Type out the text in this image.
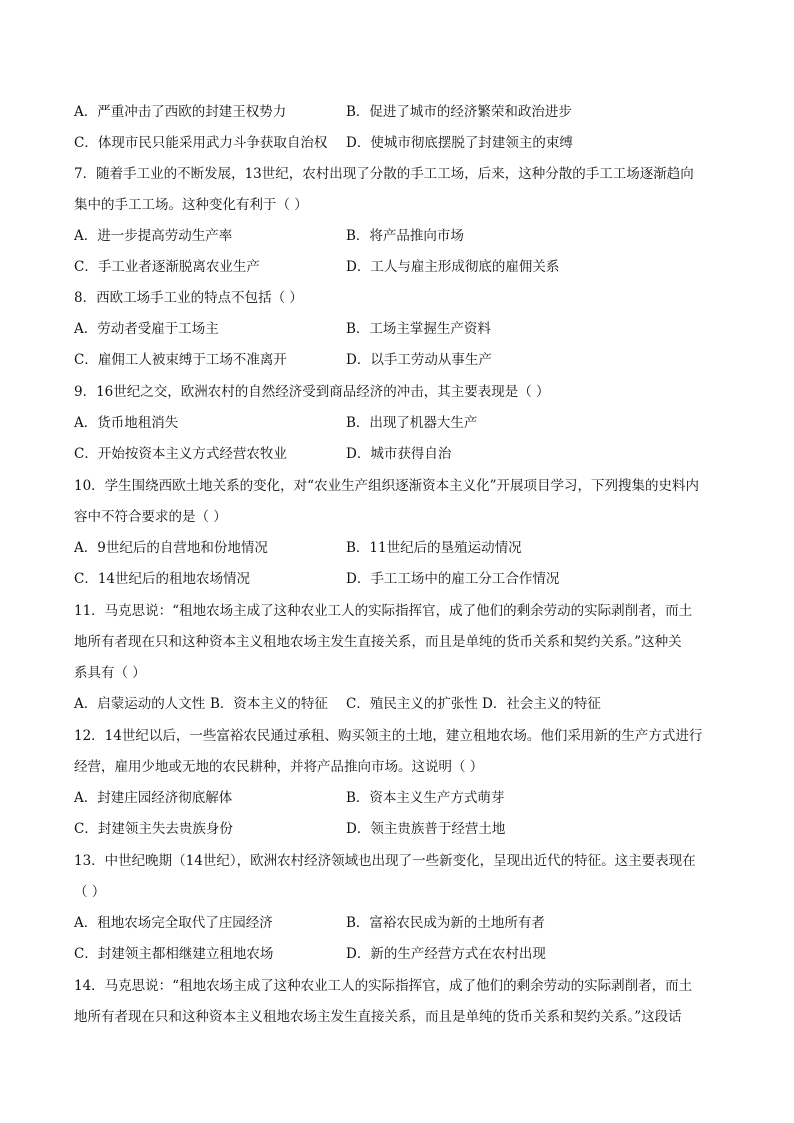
A．严重冲击了西欧的封建王权势力	B．促进了城市的经济繁荣和政治进步
C．体现市民只能采用武力斗争获取自治权 D．使城市彻底摆脱了封建领主的束缚
7．随着手工业的不断发展，13世纪，农村出现了分散的手工工场，后来，这种分散的手工工场逐渐趋向
集中的手工工场。这种变化有利于（ ）
A．进一步提高劳动生产率	B．将产品推向市场
C．手工业者逐渐脱离农业生产	D．工人与雇主形成彻底的雇佣关系
8．西欧工场手工业的特点不包括（ ）
A．劳动者受雇于工场主	B．工场主掌握生产资料
C．雇佣工人被束缚于工场不准离开	D．以手工劳动从事生产
9．16世纪之交，欧洲农村的自然经济受到商品经济的冲击，其主要表现是（ ）
A．货币地租消失	B．出现了机器大生产
C．开始按资本主义方式经营农牧业	D．城市获得自治
10．学生围绕西欧土地关系的变化，对“农业生产组织逐渐资本主义化”开展项目学习，下列搜集的史料内
容中不符合要求的是（ ）
A．9世纪后的自营地和份地情况	B．11世纪后的垦殖运动情况
C．14世纪后的租地农场情况	D．手工工场中的雇工分工合作情况
11．马克思说：“租地农场主成了这种农业工人的实际指挥官，成了他们的剩余劳动的实际剥削者，而土
地所有者现在只和这种资本主义租地农场主发生直接关系，而且是单纯的货币关系和契约关系。”这种关
系具有（ ）
A．启蒙运动的人文性 B．资本主义的特征 C．殖民主义的扩张性 D．社会主义的特征
12．14世纪以后，一些富裕农民通过承租、购买领主的土地，建立租地农场。他们采用新的生产方式进行
经营，雇用少地或无地的农民耕种，并将产品推向市场。这说明（ ）
A．封建庄园经济彻底解体	B．资本主义生产方式萌芽
C．封建领主失去贵族身份	D．领主贵族普于经营土地
13．中世纪晚期（14世纪），欧洲农村经济领域也出现了一些新变化，呈现出近代的特征。这主要表现在
（ ）
A．租地农场完全取代了庄园经济	B．富裕农民成为新的土地所有者
C．封建领主都相继建立租地农场	D．新的生产经营方式在农村出现
14．马克思说：“租地农场主成了这种农业工人的实际指挥官，成了他们的剩余劳动的实际剥削者，而土
地所有者现在只和这种资本主义租地农场主发生直接关系，而且是单纯的货币关系和契约关系。”这段话
